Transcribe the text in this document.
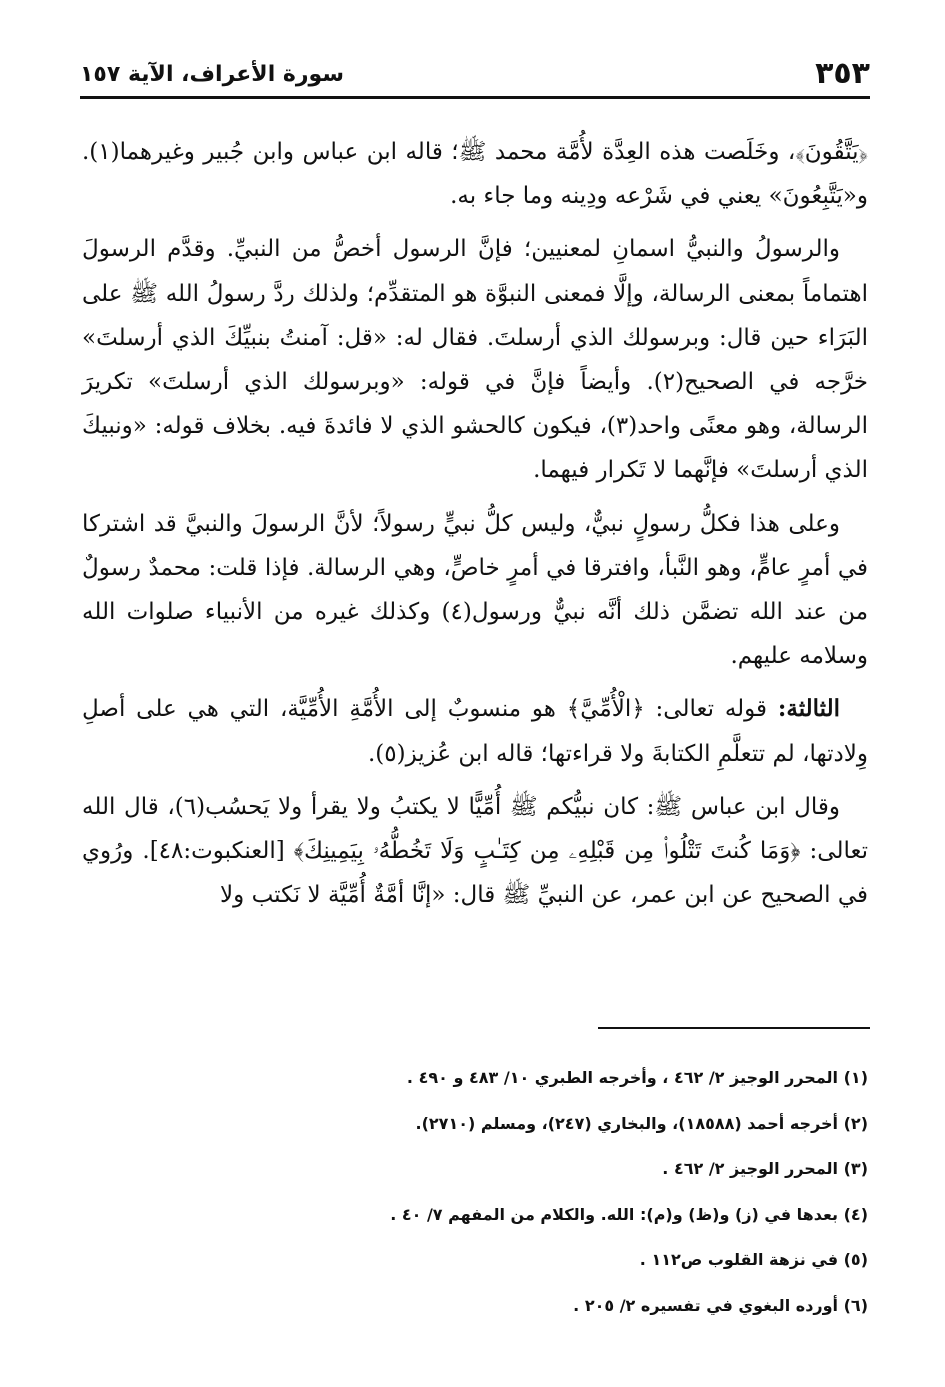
٣٥٣
سورة الأعراف، الآية ١٥٧

﴿يَتَّقُونَ﴾، وخَلَصت هذه العِدَّة لأُمَّة محمد ﷺ؛ قاله ابن عباس وابن جُبير وغيرهما(١). و«يَتَّبِعُونَ» يعني في شَرْعه ودِينه وما جاء به.

والرسولُ والنبيُّ اسمانِ لمعنيين؛ فإنَّ الرسول أخصُّ من النبيِّ. وقدَّم الرسولَ اهتماماً بمعنى الرسالة، وإلَّا فمعنى النبوَّة هو المتقدِّم؛ ولذلك ردَّ رسولُ الله ﷺ على البَرَاء حين قال: وبرسولك الذي أرسلتَ. فقال له: «قل: آمنتُ بنبيِّكَ الذي أرسلتَ» خرَّجه في الصحيح(٢). وأيضاً فإنَّ في قوله: «وبرسولك الذي أرسلتَ» تكريرَ الرسالة، وهو معنًى واحد(٣)، فيكون كالحشو الذي لا فائدةَ فيه. بخلاف قوله: «ونبيكَ الذي أرسلتَ» فإنَّهما لا تَكرار فيهما.

وعلى هذا فكلُّ رسولٍ نبيٌّ، وليس كلُّ نبيٍّ رسولاً؛ لأنَّ الرسولَ والنبيَّ قد اشتركا في أمرٍ عامٍّ، وهو النَّبأ، وافترقا في أمرٍ خاصٍّ، وهي الرسالة. فإذا قلت: محمدٌ رسولٌ من عند الله تضمَّن ذلك أنَّه نبيٌّ ورسول(٤) وكذلك غيره من الأنبياء صلوات الله وسلامه عليهم.

الثالثة: قوله تعالى: ﴿الْأُمِّيَّ﴾ هو منسوبٌ إلى الأُمَّةِ الأُمِّيَّة، التي هي على أصلِ وِلادتها، لم تتعلَّمِ الكتابةَ ولا قراءتها؛ قاله ابن عُزيز(٥).

وقال ابن عباس ﷺ: كان نبيُّكم ﷺ أُمِّيًّا لا يكتبُ ولا يقرأ ولا يَحسُب(٦)، قال الله تعالى: ﴿وَمَا كُنتَ تَتْلُوا۟ مِن قَبْلِهِۦ مِن كِتَـٰبٍ وَلَا تَخُطُّهُۥ بِيَمِينِكَ﴾ [العنكبوت:٤٨]. ورُوي في الصحيح عن ابن عمر، عن النبيِّ ﷺ قال: «إنَّا أمَّةٌ أُمِّيَّة لا نَكتب ولا

(١) المحرر الوجيز ٢/ ٤٦٢ ، وأخرجه الطبري ١٠/ ٤٨٣ و ٤٩٠ .
(٢) أخرجه أحمد (١٨٥٨٨)، والبخاري (٢٤٧)، ومسلم (٢٧١٠).
(٣) المحرر الوجيز ٢/ ٤٦٢ .
(٤) بعدها في (ز) و(ظ) و(م): الله. والكلام من المفهم ٧/ ٤٠ .
(٥) في نزهة القلوب ص١١٢ .
(٦) أورده البغوي في تفسيره ٢/ ٢٠٥ .
